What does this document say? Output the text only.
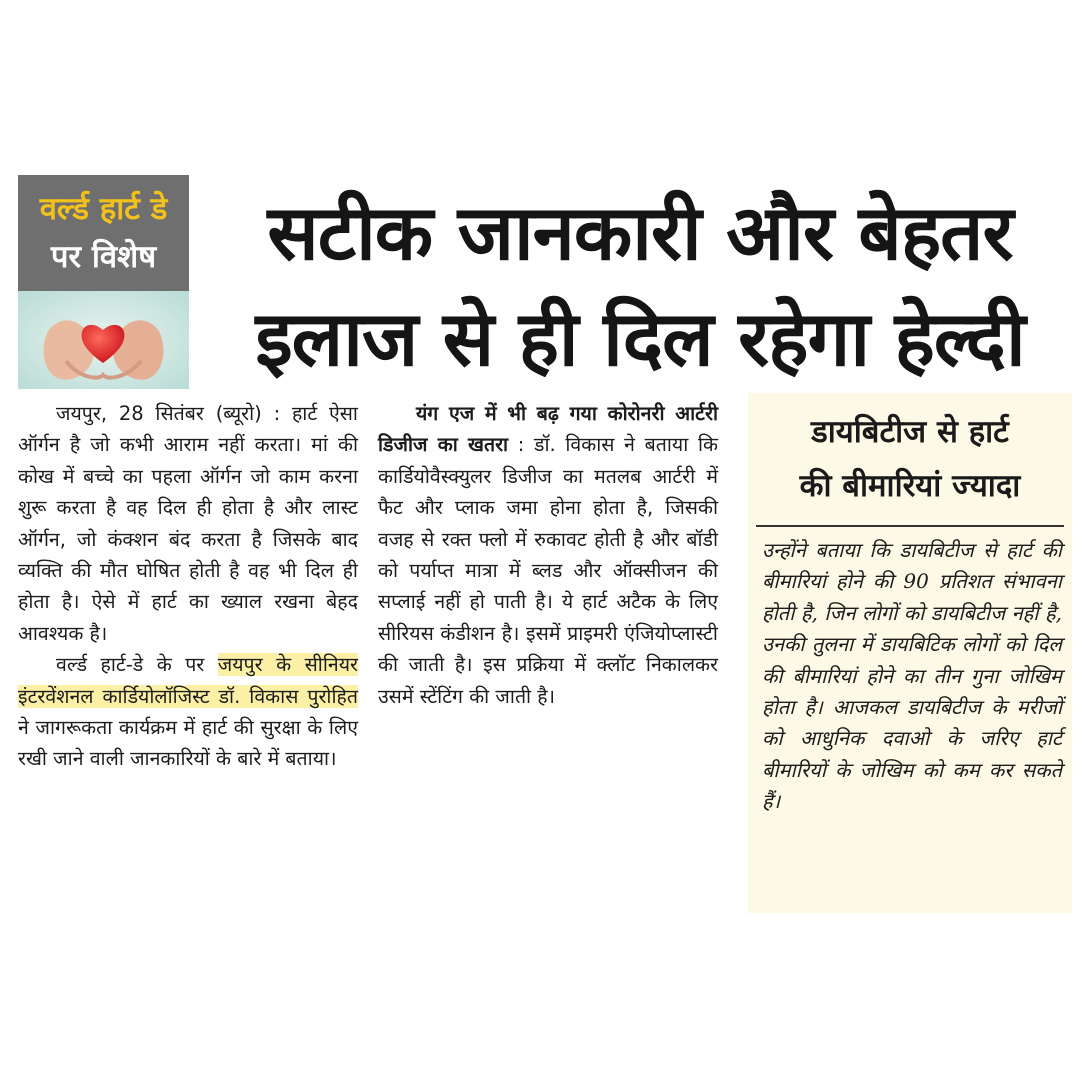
वर्ल्ड हार्ट डे
पर विशेष	सटीक जानकारी और बेहतर
इलाज से ही दिल रहेगा हेल्दी

जयपुर, 28 सितंबर (ब्यूरो) : हार्ट ऐसा ऑर्गन है जो कभी आराम नहीं करता। मां की कोख में बच्चे का पहला ऑर्गन जो काम करना शुरू करता है वह दिल ही होता है और लास्ट ऑर्गन, जो कंक्शन बंद करता है जिसके बाद व्यक्ति की मौत घोषित होती है वह भी दिल ही होता है। ऐसे में हार्ट का ख्याल रखना बेहद आवश्यक है।

वर्ल्ड हार्ट-डे के पर जयपुर के सीनियर इंटरवेंशनल कार्डियोलॉजिस्ट डॉ. विकास पुरोहित ने जागरूकता कार्यक्रम में हार्ट की सुरक्षा के लिए रखी जाने वाली जानकारियों के बारे में बताया।

यंग एज में भी बढ़ गया कोरोनरी आर्टरी डिजीज का खतरा : डॉ. विकास ने बताया कि कार्डियोवैस्क्युलर डिजीज का मतलब आर्टरी में फैट और प्लाक जमा होना होता है, जिसकी वजह से रक्त फ्लो में रुकावट होती है और बॉडी को पर्याप्त मात्रा में ब्लड और ऑक्सीजन की सप्लाई नहीं हो पाती है। ये हार्ट अटैक के लिए सीरियस कंडीशन है। इसमें प्राइमरी एंजियोप्लास्टी की जाती है। इस प्रक्रिया में क्लॉट निकालकर उसमें स्टेंटिंग की जाती है।

डायबिटीज से हार्ट
की बीमारियां ज्यादा
उन्होंने बताया कि डायबिटीज से हार्ट की बीमारियां होने की 90 प्रतिशत संभावना होती है, जिन लोगों को डायबिटीज नहीं है, उनकी तुलना में डायबिटिक लोगों को दिल की बीमारियां होने का तीन गुना जोखिम होता है। आजकल डायबिटीज के मरीजों को आधुनिक दवाओ के जरिए हार्ट बीमारियों के जोखिम को कम कर सकते हैं।
